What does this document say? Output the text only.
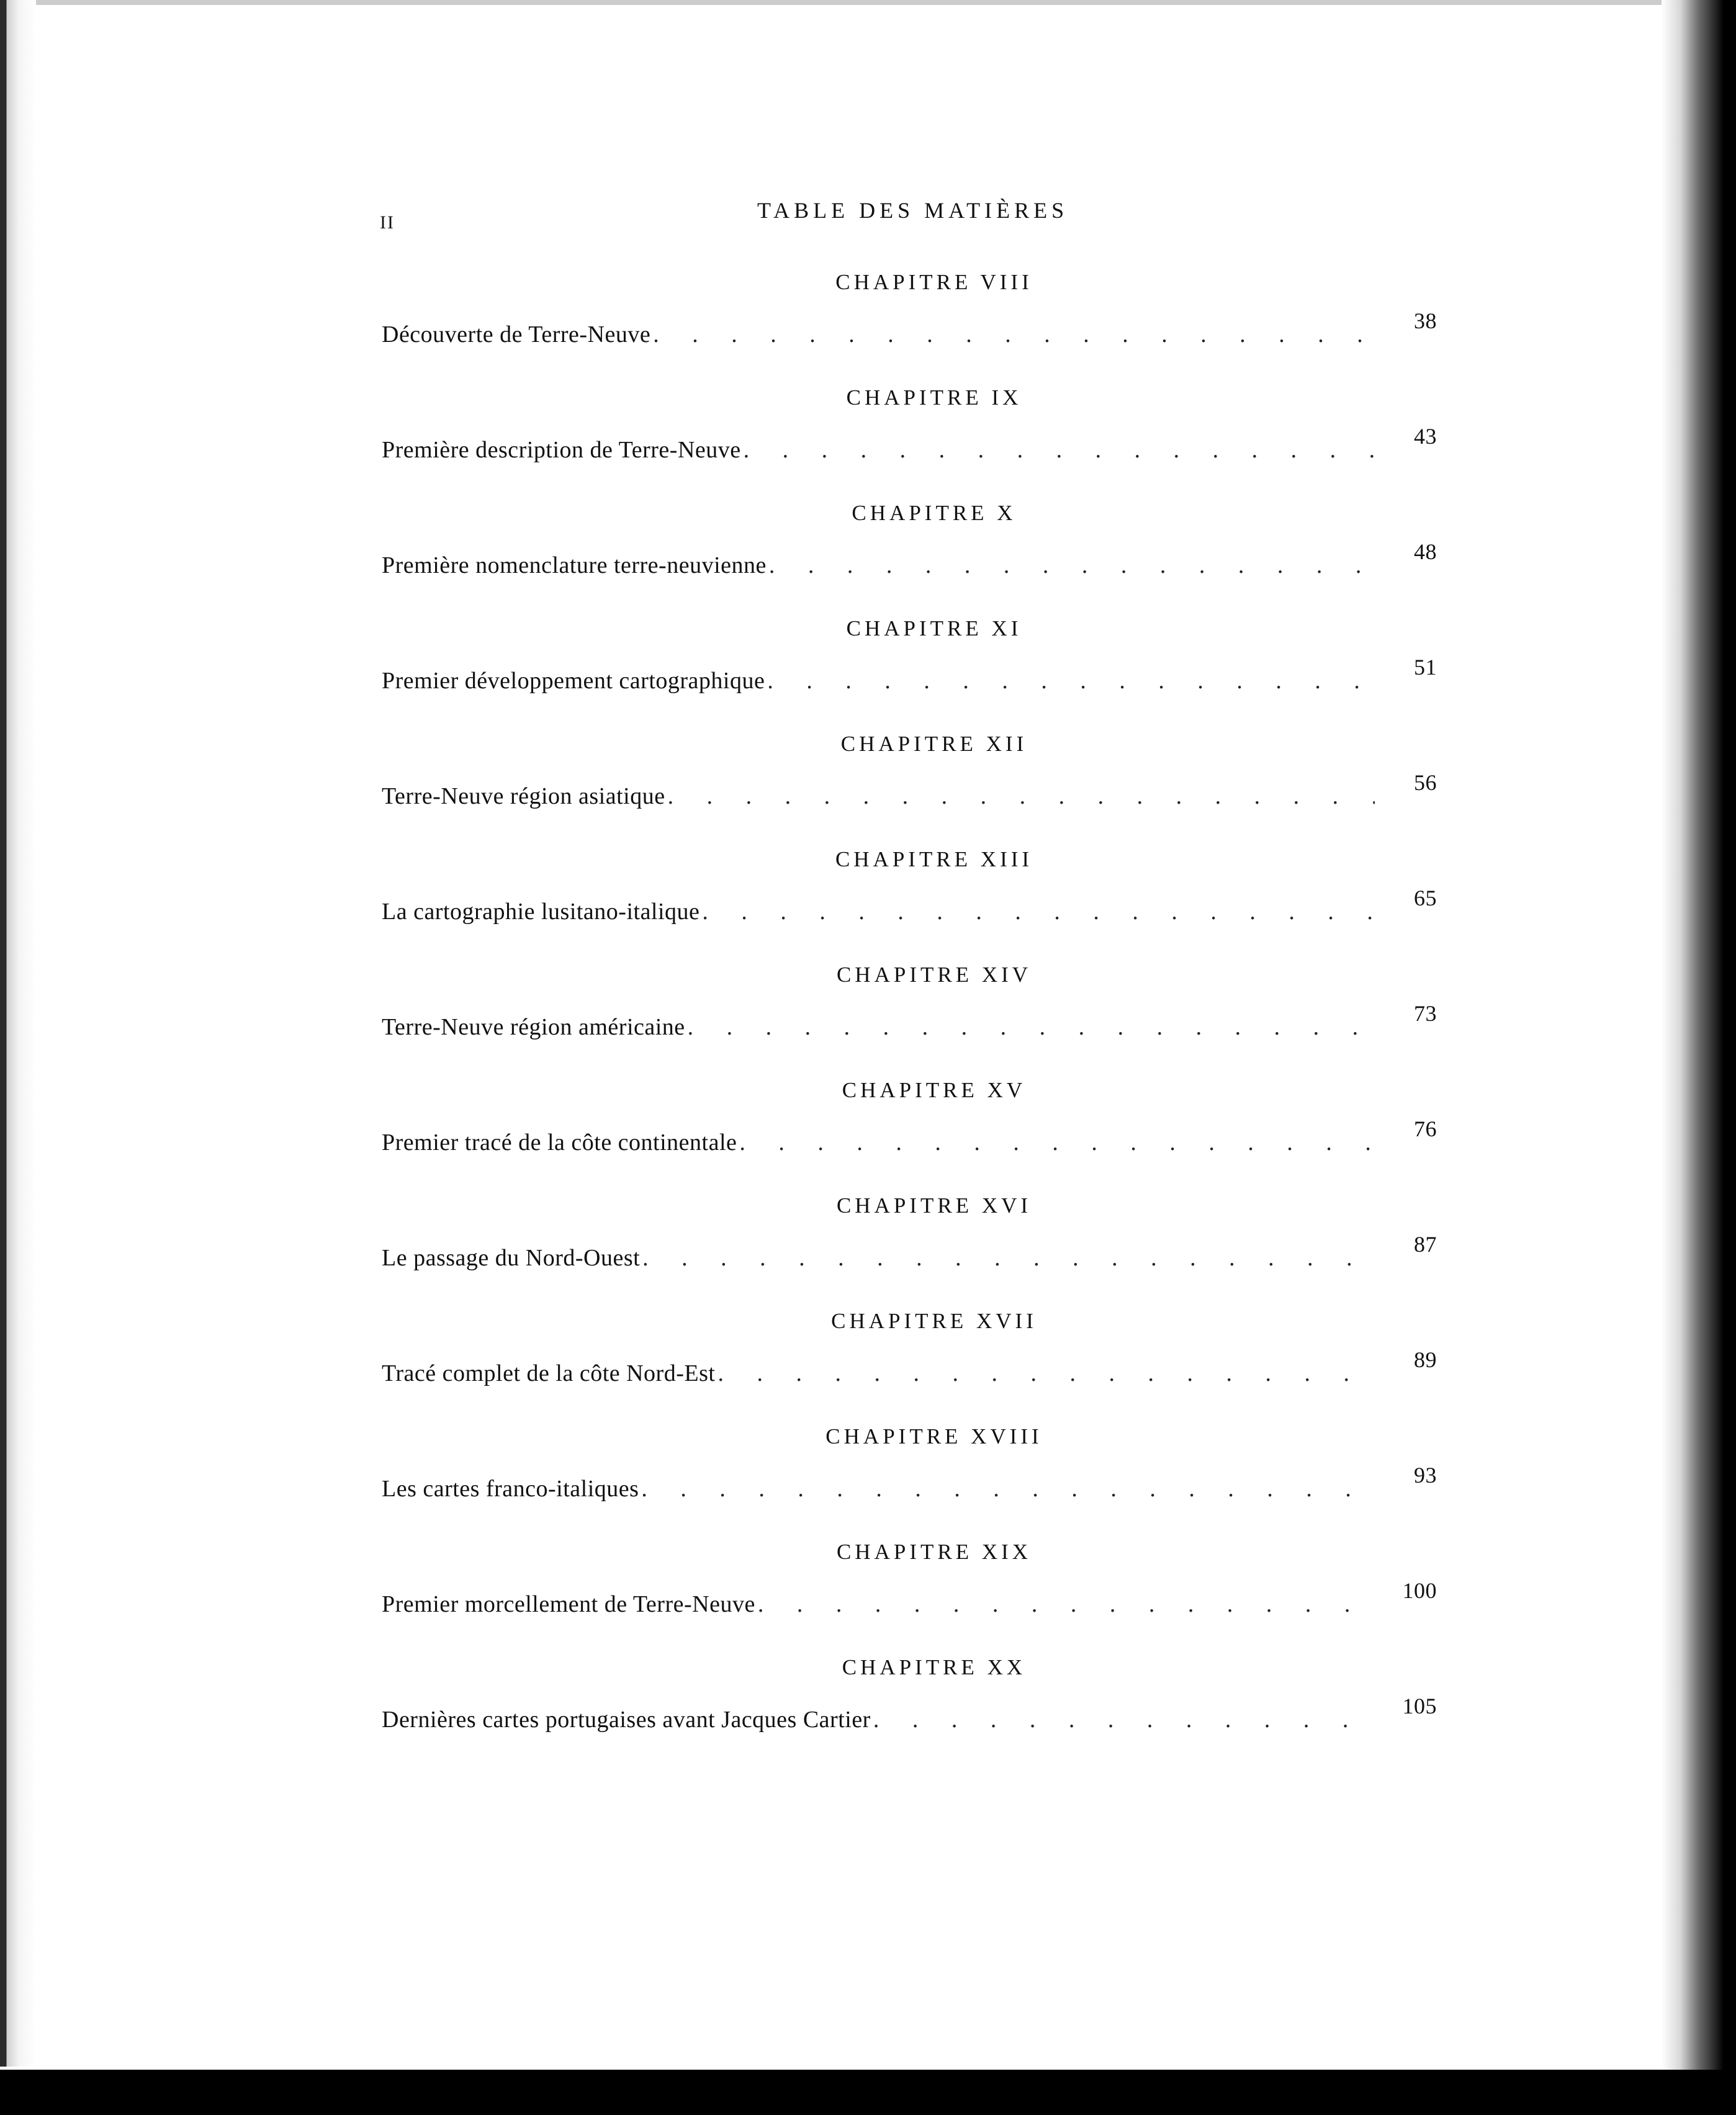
II	TABLE DES MATIÈRES
CHAPITRE VIII
Découverte de Terre-Neuve
. . .
38
CHAPITRE IX
Première description de Terre-Neuve
. . .
43
CHAPITRE X
Première nomenclature terre-neuvienne
. . .
48
CHAPITRE XI
Premier développement cartographique
. . .
51
CHAPITRE XII
Terre-Neuve région asiatique
. . .
56
CHAPITRE XIII
La cartographie lusitano-italique
. . .
65
CHAPITRE XIV
Terre-Neuve région américaine
. . .
73
CHAPITRE XV
Premier tracé de la côte continentale
. . .
76
CHAPITRE XVI
Le passage du Nord-Ouest
. . .
87
CHAPITRE XVII
Tracé complet de la côte Nord-Est
. . .
89
CHAPITRE XVIII
Les cartes franco-italiques
. . .
93
CHAPITRE XIX
Premier morcellement de Terre-Neuve
. . .
100
CHAPITRE XX
Dernières cartes portugaises avant Jacques Cartier
. . .
105
